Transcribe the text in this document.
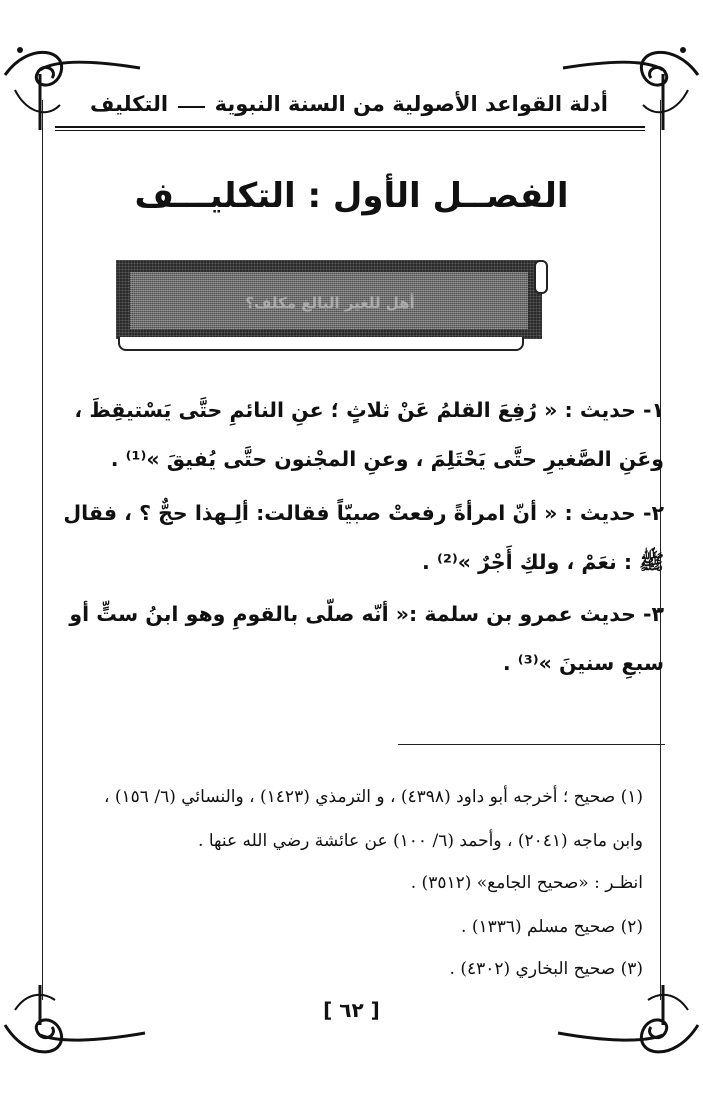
أدلة القواعد الأصولية من السنة النبوية
التكليف
الفصــل الأول : التكليـــف
أهل للغير البالغ مكلف؟
١- حديث : « رُفِعَ القلمُ عَنْ ثلاثٍ ؛ عنِ النائمِ حتَّى يَسْتيقِظَ ، وعَنِ الصَّغيرِ حتَّى يَحْتَلِمَ ، وعنِ المجْنون حتَّى يُفيقَ »⁽¹⁾ .
٢- حديث : « أنّ امرأةً رفعتْ صبيّاً فقالت: ألِـهذا حجٌّ ؟ ، فقال ﷺ : نعَمْ ، ولكِ أَجْرٌ »⁽²⁾ .
٣- حديث عمرو بن سلمة :« أنّه صلّى بالقومِ وهو ابنُ ستٍّ أو سبعِ سنينَ »⁽³⁾ .
(١) صحيح ؛ أخرجه أبو داود (٤٣٩٨) ، و الترمذي (١٤٢٣) ، والنسائي (٦/ ١٥٦) ،
وابن ماجه (٢٠٤١) ، وأحمد (٦/ ١٠٠) عن عائشة رضي الله عنها .
انظـر : «صحيح الجامع» (٣٥١٢) .
(٢) صحيح مسلم (١٣٣٦) .
(٣) صحيح البخاري (٤٣٠٢) .
[ ٦٢ ]
